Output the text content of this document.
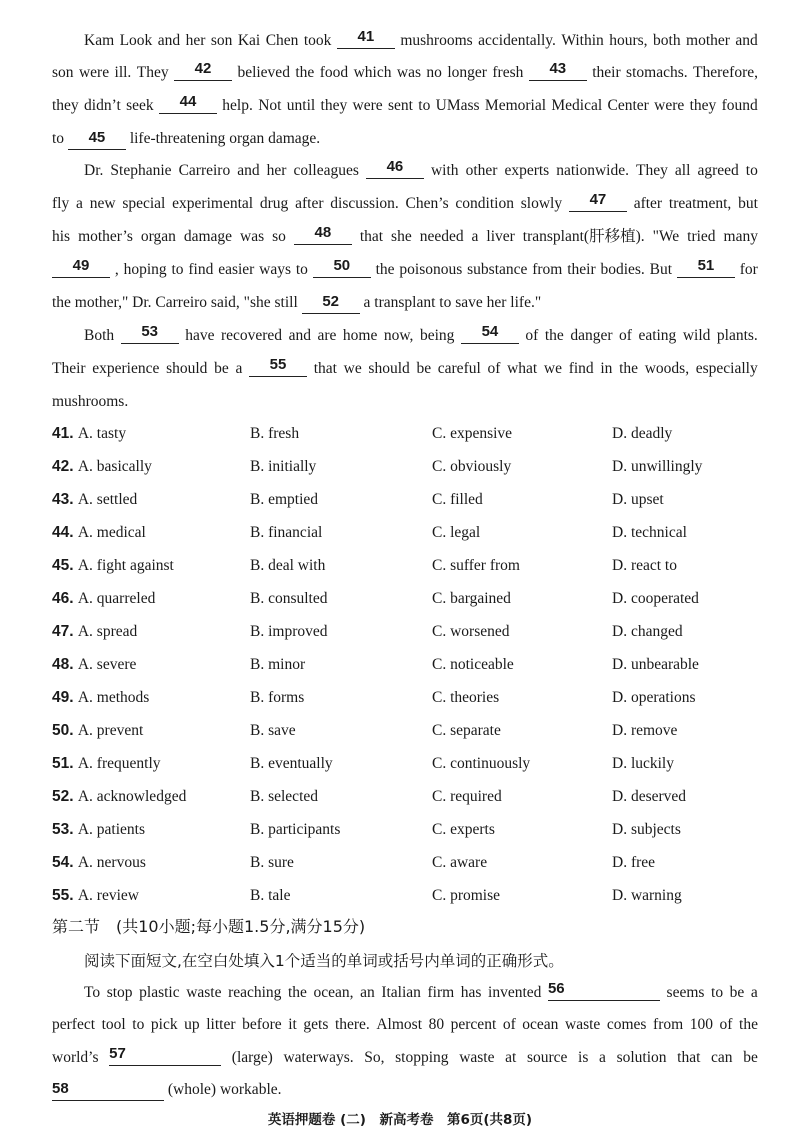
Kam Look and her son Kai Chen took	41	mushrooms accidentally. Within hours, both mother and
son were ill. They	42	believed the food which was no longer fresh	43	their stomachs. Therefore,
they didn’t seek	44	help. Not until they were sent to UMass Memorial Medical Center were they found
to 45 life-threatening organ damage.
Dr. Stephanie Carreiro and her colleagues	46	with other experts nationwide. They all agreed to
fly a new special experimental drug after discussion. Chen’s condition slowly	47	after treatment, but
his mother’s organ damage was so	48	that she needed a liver transplant(肝移植). "We tried many
49	, hoping to find easier ways to	50	the poisonous substance from their bodies. But	51	for
the mother," Dr. Carreiro said, "she still 52 a transplant to save her life."
Both	53	have recovered and are home now, being	54	of the danger of eating wild plants.
Their experience should be a	55	that we should be careful of what we find in the woods, especially
mushrooms.
41. A. tasty	B. fresh	C. expensive	D. deadly
42. A. basically	B. initially	C. obviously	D. unwillingly
43. A. settled	B. emptied	C. filled	D. upset
44. A. medical	B. financial	C. legal	D. technical
45. A. fight against	B. deal with	C. suffer from	D. react to
46. A. quarreled	B. consulted	C. bargained	D. cooperated
47. A. spread	B. improved	C. worsened	D. changed
48. A. severe	B. minor	C. noticeable	D. unbearable
49. A. methods	B. forms	C. theories	D. operations
50. A. prevent	B. save	C. separate	D. remove
51. A. frequently	B. eventually	C. continuously	D. luckily
52. A. acknowledged	B. selected	C. required	D. deserved
53. A. patients	B. participants	C. experts	D. subjects
54. A. nervous	B. sure	C. aware	D. free
55. A. review	B. tale	C. promise	D. warning
第二节　(共10小题;每小题1.5分,满分15分)
阅读下面短文,在空白处填入1个适当的单词或括号内单词的正确形式。
To stop plastic waste reaching the ocean, an Italian firm has invented 56	seems to be a
perfect tool to pick up litter before it gets there. Almost 80 percent of ocean waste comes from 100 of the
world’s 57	(large) waterways. So, stopping waste at source is a solution that can be
58	(whole) workable.
英语押题卷 (二)　新高考卷　第6页(共8页)
